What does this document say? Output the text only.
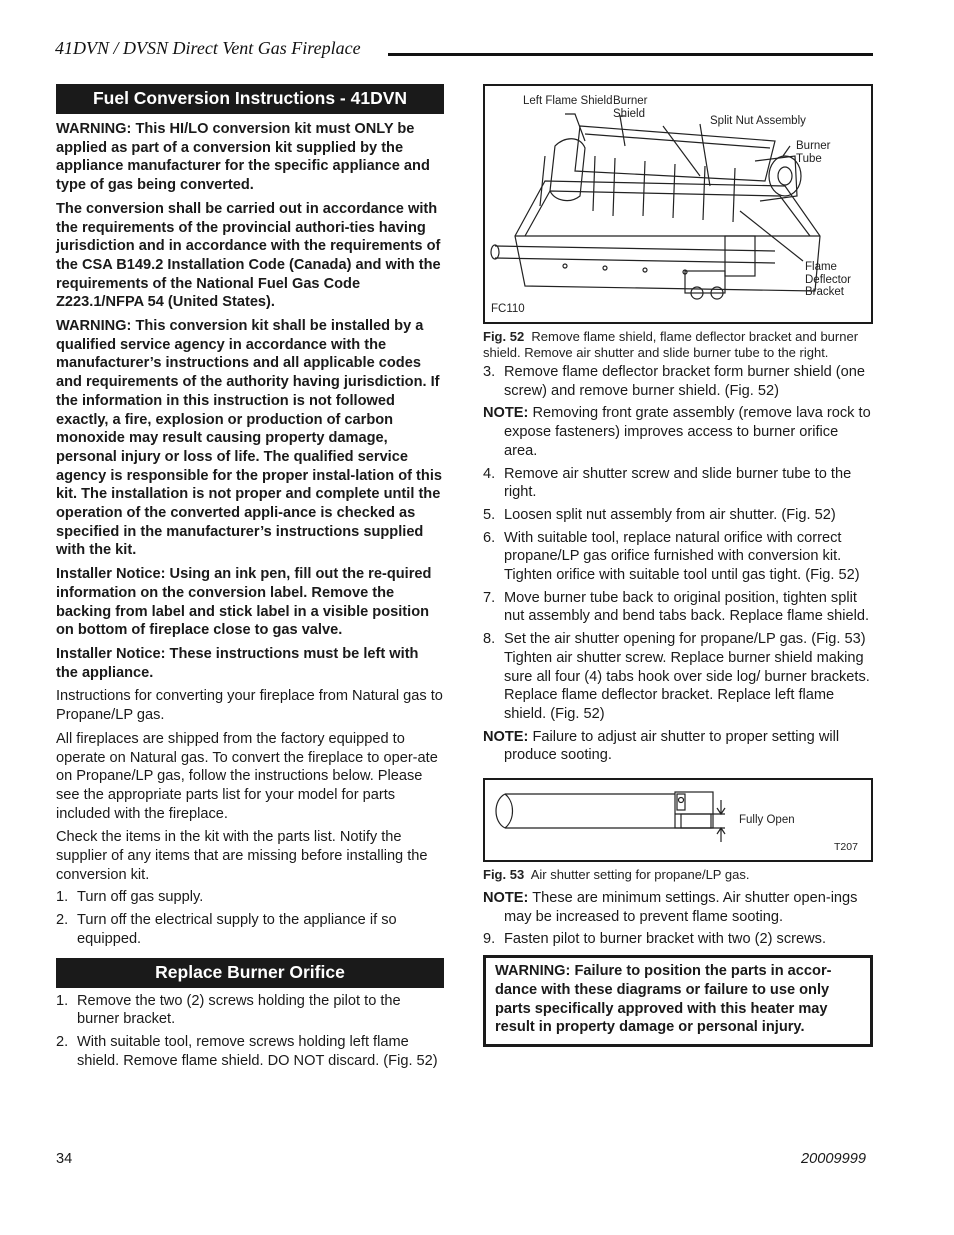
41DVN / DVSN Direct Vent Gas Fireplace
Fuel Conversion Instructions - 41DVN

WARNING: This HI/LO conversion kit must ONLY be applied as part of a conversion kit supplied by the appliance manufacturer for the specific appliance and type of gas being converted.

The conversion shall be carried out in accordance with the requirements of the provincial authori-ties having jurisdiction and in accordance with the requirements of the CSA B149.2 Installation Code (Canada) and with the requirements of the National Fuel Gas Code Z223.1/NFPA 54 (United States).

WARNING: This conversion kit shall be installed by a qualified service agency in accordance with the manufacturer’s instructions and all applicable codes and requirements of the authority having jurisdiction. If the information in this instruction is not followed exactly, a fire, explosion or production of carbon monoxide may result causing property damage, personal injury or loss of life. The qualified service agency is responsible for the proper instal-lation of this kit. The installation is not proper and complete until the operation of the converted appli-ance is checked as specified in the manufacturer’s instructions supplied with the kit.

Installer Notice: Using an ink pen, fill out the re-quired information on the conversion label. Remove the backing from label and stick label in a visible position on bottom of fireplace close to gas valve.

Installer Notice: These instructions must be left with the appliance.

Instructions for converting your fireplace from Natural gas to Propane/LP gas.

All fireplaces are shipped from the factory equipped to operate on Natural gas. To convert the fireplace to oper-ate on Propane/LP gas, follow the instructions below. Please see the appropriate parts list for your model for parts included with the fireplace.

Check the items in the kit with the parts list. Notify the supplier of any items that are missing before installing the conversion kit.

1. Turn off gas supply.
2. Turn off the electrical supply to the appliance if so equipped.
Replace Burner Orifice
1. Remove the two (2) screws holding the pilot to the burner bracket.
2. With suitable tool, remove screws holding left flame shield. Remove flame shield. DO NOT discard. (Fig. 52)
Left Flame Shield Burner Shield
Split Nut Assembly
Burner Tube
Flame Deflector Bracket
FC110
Fig. 52 Remove flame shield, flame deflector bracket and burner shield. Remove air shutter and slide burner tube to the right.
3. Remove flame deflector bracket form burner shield (one screw) and remove burner shield. (Fig. 52)
NOTE: Removing front grate assembly (remove lava rock to expose fasteners) improves access to burner orifice area.
4. Remove air shutter screw and slide burner tube to the right.
5. Loosen split nut assembly from air shutter. (Fig. 52)
6. With suitable tool, replace natural orifice with correct propane/LP gas orifice furnished with conversion kit. Tighten orifice with suitable tool until gas tight. (Fig. 52)
7. Move burner tube back to original position, tighten split nut assembly and bend tabs back. Replace flame shield.
8. Set the air shutter opening for propane/LP gas. (Fig. 53) Tighten air shutter screw. Replace burner shield making sure all four (4) tabs hook over side log/ burner brackets. Replace flame deflector bracket. Replace left flame shield. (Fig. 52)
NOTE: Failure to adjust air shutter to proper setting will produce sooting.
Fully Open
T207
Fig. 53 Air shutter setting for propane/LP gas.
NOTE: These are minimum settings. Air shutter open-ings may be increased to prevent flame sooting.
9. Fasten pilot to burner bracket with two (2) screws.

WARNING: Failure to position the parts in accor-dance with these diagrams or failure to use only parts specifically approved with this heater may result in property damage or personal injury.

34	20009999
